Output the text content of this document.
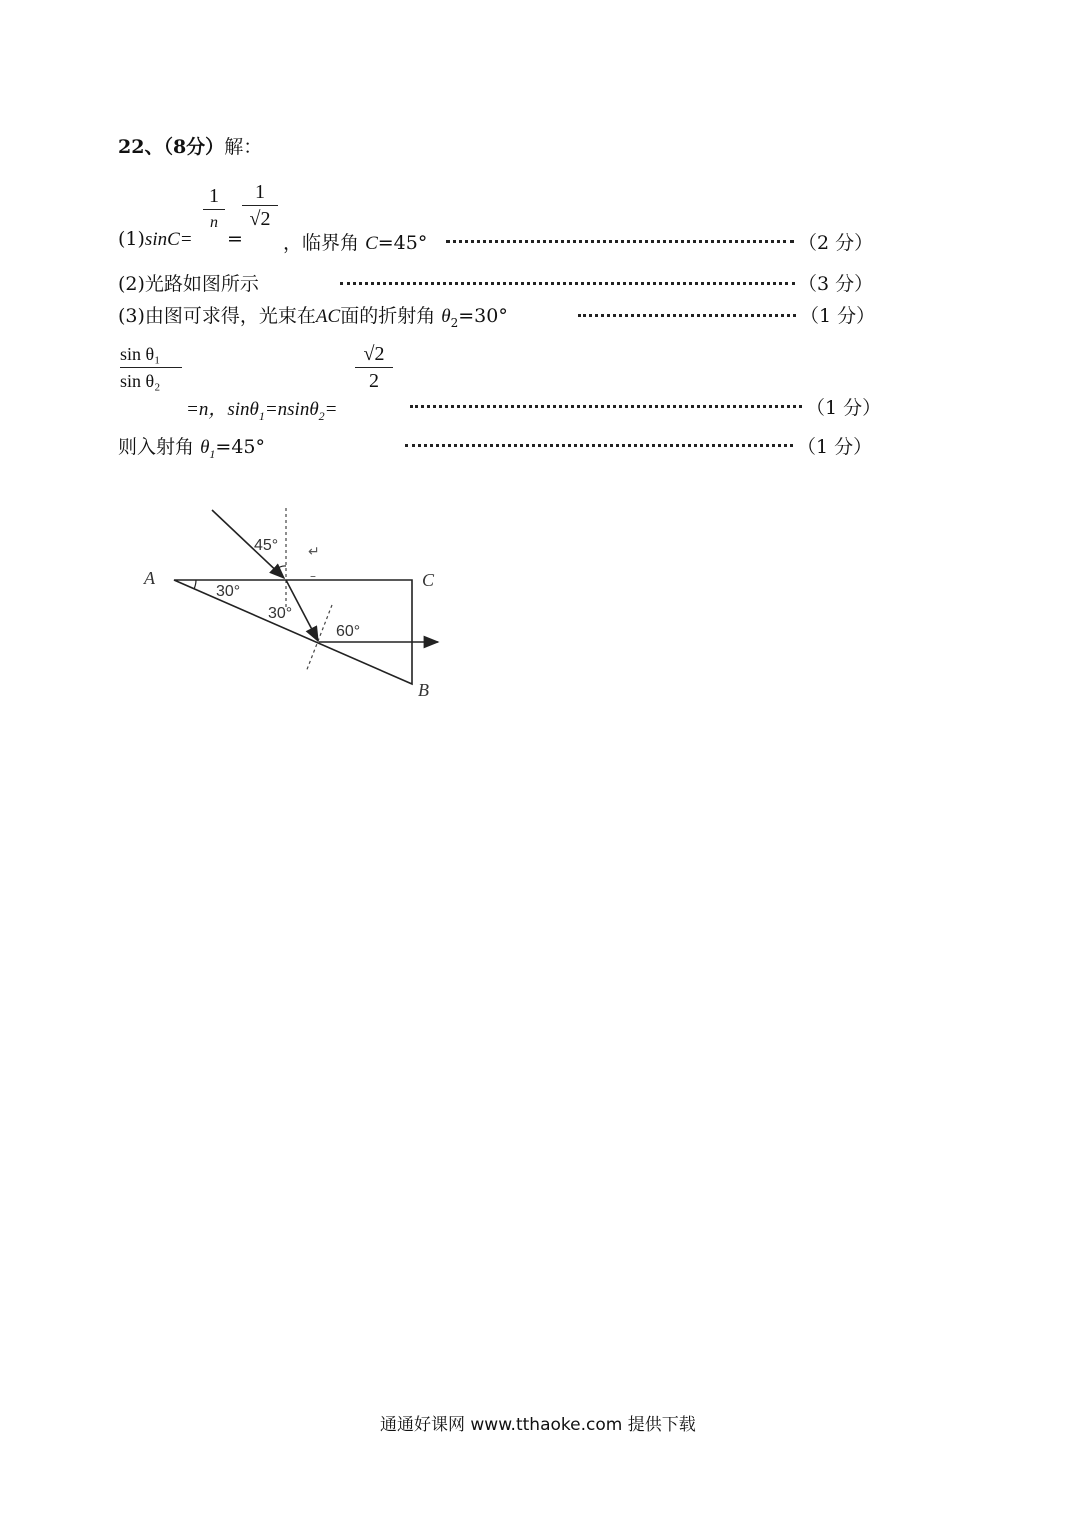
22、（8分）解：
(1)sinC=
1
n
=
1
√2
，临界角 C=45°	（2 分）
(2)光路如图所示	（3 分）
(3)由图可求得，光束在AC面的折射角 $\theta_2=30^\circ$	（1 分）
sin θ₁
sin θ₂
=n，sinθ$_1$=nsinθ$_2$=
√2
2
（1 分）
则入射角 $\theta_1=45^\circ$	（1 分）
A	C
B
45°
30°
30°
60°
↵
–
通通好课网 www.tthaoke.com 提供下载
